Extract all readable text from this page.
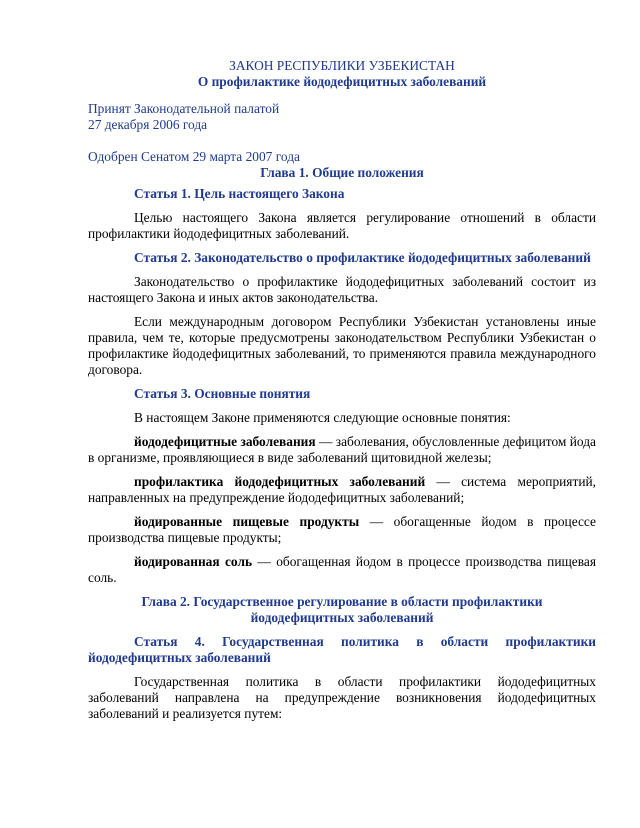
ЗАКОН РЕСПУБЛИКИ УЗБЕКИСТАН
О профилактике йододефицитных заболеваний
Принят Законодательной палатой
27 декабря 2006 года
Одобрен Сенатом 29 марта 2007 года
Глава 1. Общие положения
Статья 1. Цель настоящего Закона

Целью настоящего Закона является регулирование отношений в области профилактики йододефицитных заболеваний.

Статья 2. Законодательство о профилактике йододефицитных заболеваний

Законодательство о профилактике йододефицитных заболеваний состоит из настоящего Закона и иных актов законодательства.

Если международным договором Республики Узбекистан установлены иные правила, чем те, которые предусмотрены законодательством Республики Узбекистан о профилактике йододефицитных заболеваний, то применяются правила международного договора.

Статья 3. Основные понятия

В настоящем Законе применяются следующие основные понятия:

йододефицитные заболевания — заболевания, обусловленные дефицитом йода в организме, проявляющиеся в виде заболеваний щитовидной железы;

профилактика йододефицитных заболеваний — система мероприятий, направленных на предупреждение йододефицитных заболеваний;

йодированные пищевые продукты — обогащенные йодом в процессе производства пищевые продукты;

йодированная соль — обогащенная йодом в процессе производства пищевая соль.

Глава 2. Государственное регулирование в области профилактики
йододефицитных заболеваний
Статья 4. Государственная политика в области профилактики йододефицитных заболеваний

Государственная политика в области профилактики йододефицитных заболеваний направлена на предупреждение возникновения йододефицитных заболеваний и реализуется путем:
